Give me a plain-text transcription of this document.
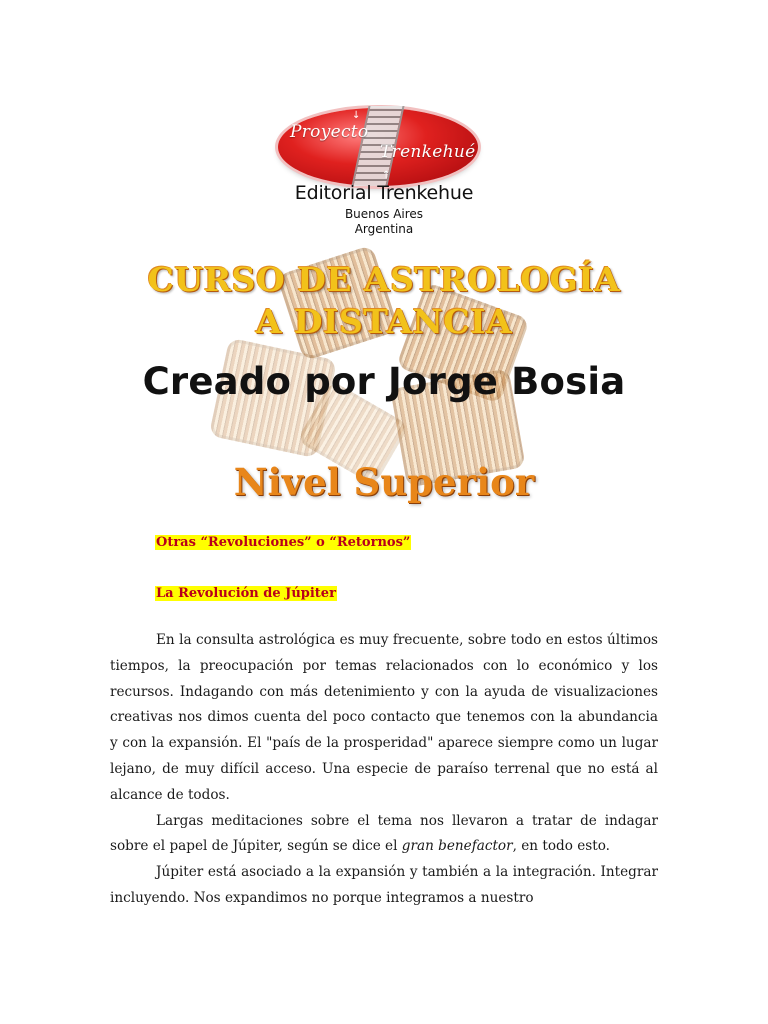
↓
↑
Proyecto
Trenkehué
Editorial Trenkehue
Buenos Aires
Argentina
CURSO DE ASTROLOGÍA
A DISTANCIA
Creado por Jorge Bosia
Nivel Superior
Otras “Revoluciones” o “Retornos”
La Revolución de Júpiter

En la consulta astrológica es muy frecuente, sobre todo en estos últimos tiempos, la preocupación por temas relacionados con lo económico y los recursos. Indagando con más detenimiento y con la ayuda de visualizaciones creativas nos dimos cuenta del poco contacto que tenemos con la abundancia y con la expansión. El "país de la prosperidad" aparece siempre como un lugar lejano, de muy difícil acceso. Una especie de paraíso terrenal que no está al alcance de todos.

Largas meditaciones sobre el tema nos llevaron a tratar de indagar sobre el papel de Júpiter, según se dice el gran benefactor, en todo esto.

Júpiter está asociado a la expansión y también a la integración. Integrar incluyendo. Nos expandimos no porque integramos a nuestro
